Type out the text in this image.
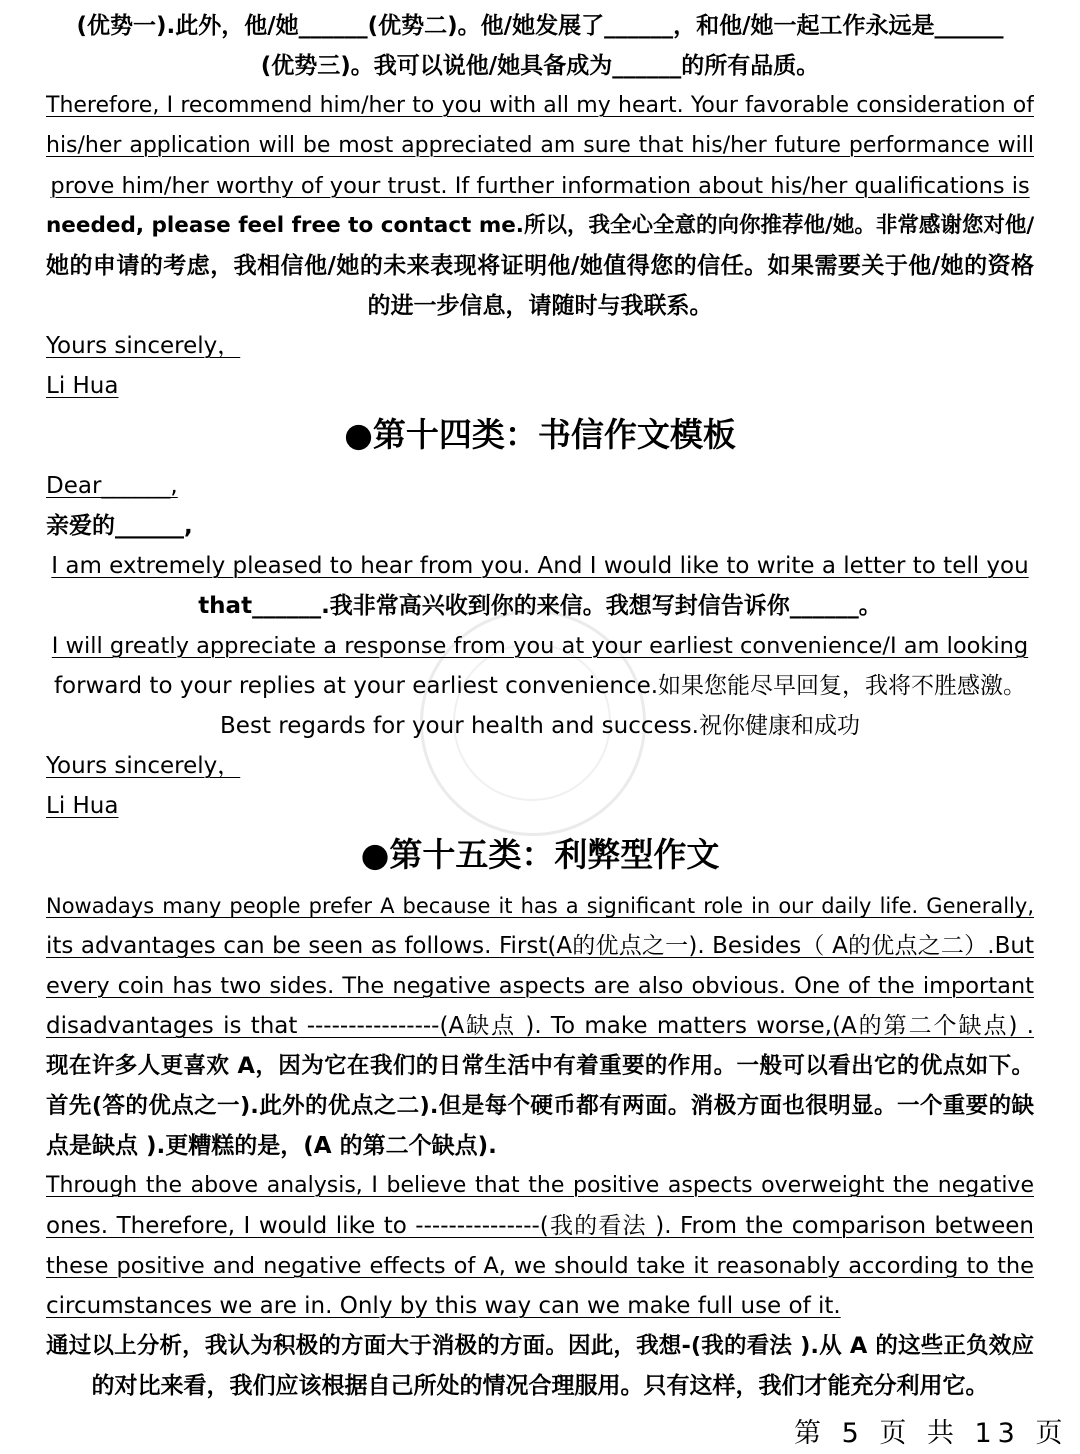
(优势一).此外，他/她______(优势二)。他/她发展了______，和他/她一起工作永远是______
(优势三)。我可以说他/她具备成为______的所有品质。
Therefore, I recommend him/her to you with all my heart. Your favorable consideration of
his/her application will be most appreciated am sure that his/her future performance will
prove him/her worthy of your trust. If further information about his/her qualifications is
needed, please feel free to contact me.所以，我全心全意的向你推荐他/她。非常感谢您对他/
她的申请的考虑，我相信他/她的未来表现将证明他/她值得您的信任。如果需要关于他/她的资格
的进一步信息，请随时与我联系。
Yours sincerely，
Li Hua
●第十四类：书信作文模板
Dear______,
亲爱的______,
I am extremely pleased to hear from you. And I would like to write a letter to tell you
that______.我非常高兴收到你的来信。我想写封信告诉你______。
I will greatly appreciate a response from you at your earliest convenience/I am looking
forward to your replies at your earliest convenience.如果您能尽早回复，我将不胜感激。
Best regards for your health and success.祝你健康和成功
Yours sincerely，
Li Hua
●第十五类：利弊型作文
Nowadays many people prefer A because it has a significant role in our daily life. Generally,
its advantages can be seen as follows. First(A的优点之一). Besides（ A的优点之二）.But
every coin has two sides. The negative aspects are also obvious. One of the important
disadvantages is that ----------------(A缺点 ). To make matters worse,(A的第二个缺点) .
现在许多人更喜欢 A，因为它在我们的日常生活中有着重要的作用。一般可以看出它的优点如下。
首先(答的优点之一).此外的优点之二).但是每个硬币都有两面。消极方面也很明显。一个重要的缺
点是缺点 ).更糟糕的是，(A 的第二个缺点).
Through the above analysis, I believe that the positive aspects overweight the negative
ones. Therefore, I would like to ---------------(我的看法 ). From the comparison between
these positive and negative effects of A, we should take it reasonably according to the
circumstances we are in. Only by this way can we make full use of it.
通过以上分析，我认为积极的方面大于消极的方面。因此，我想-(我的看法 ).从 A 的这些正负效应
的对比来看，我们应该根据自己所处的情况合理服用。只有这样，我们才能充分利用它。
第 5 页 共 13 页
